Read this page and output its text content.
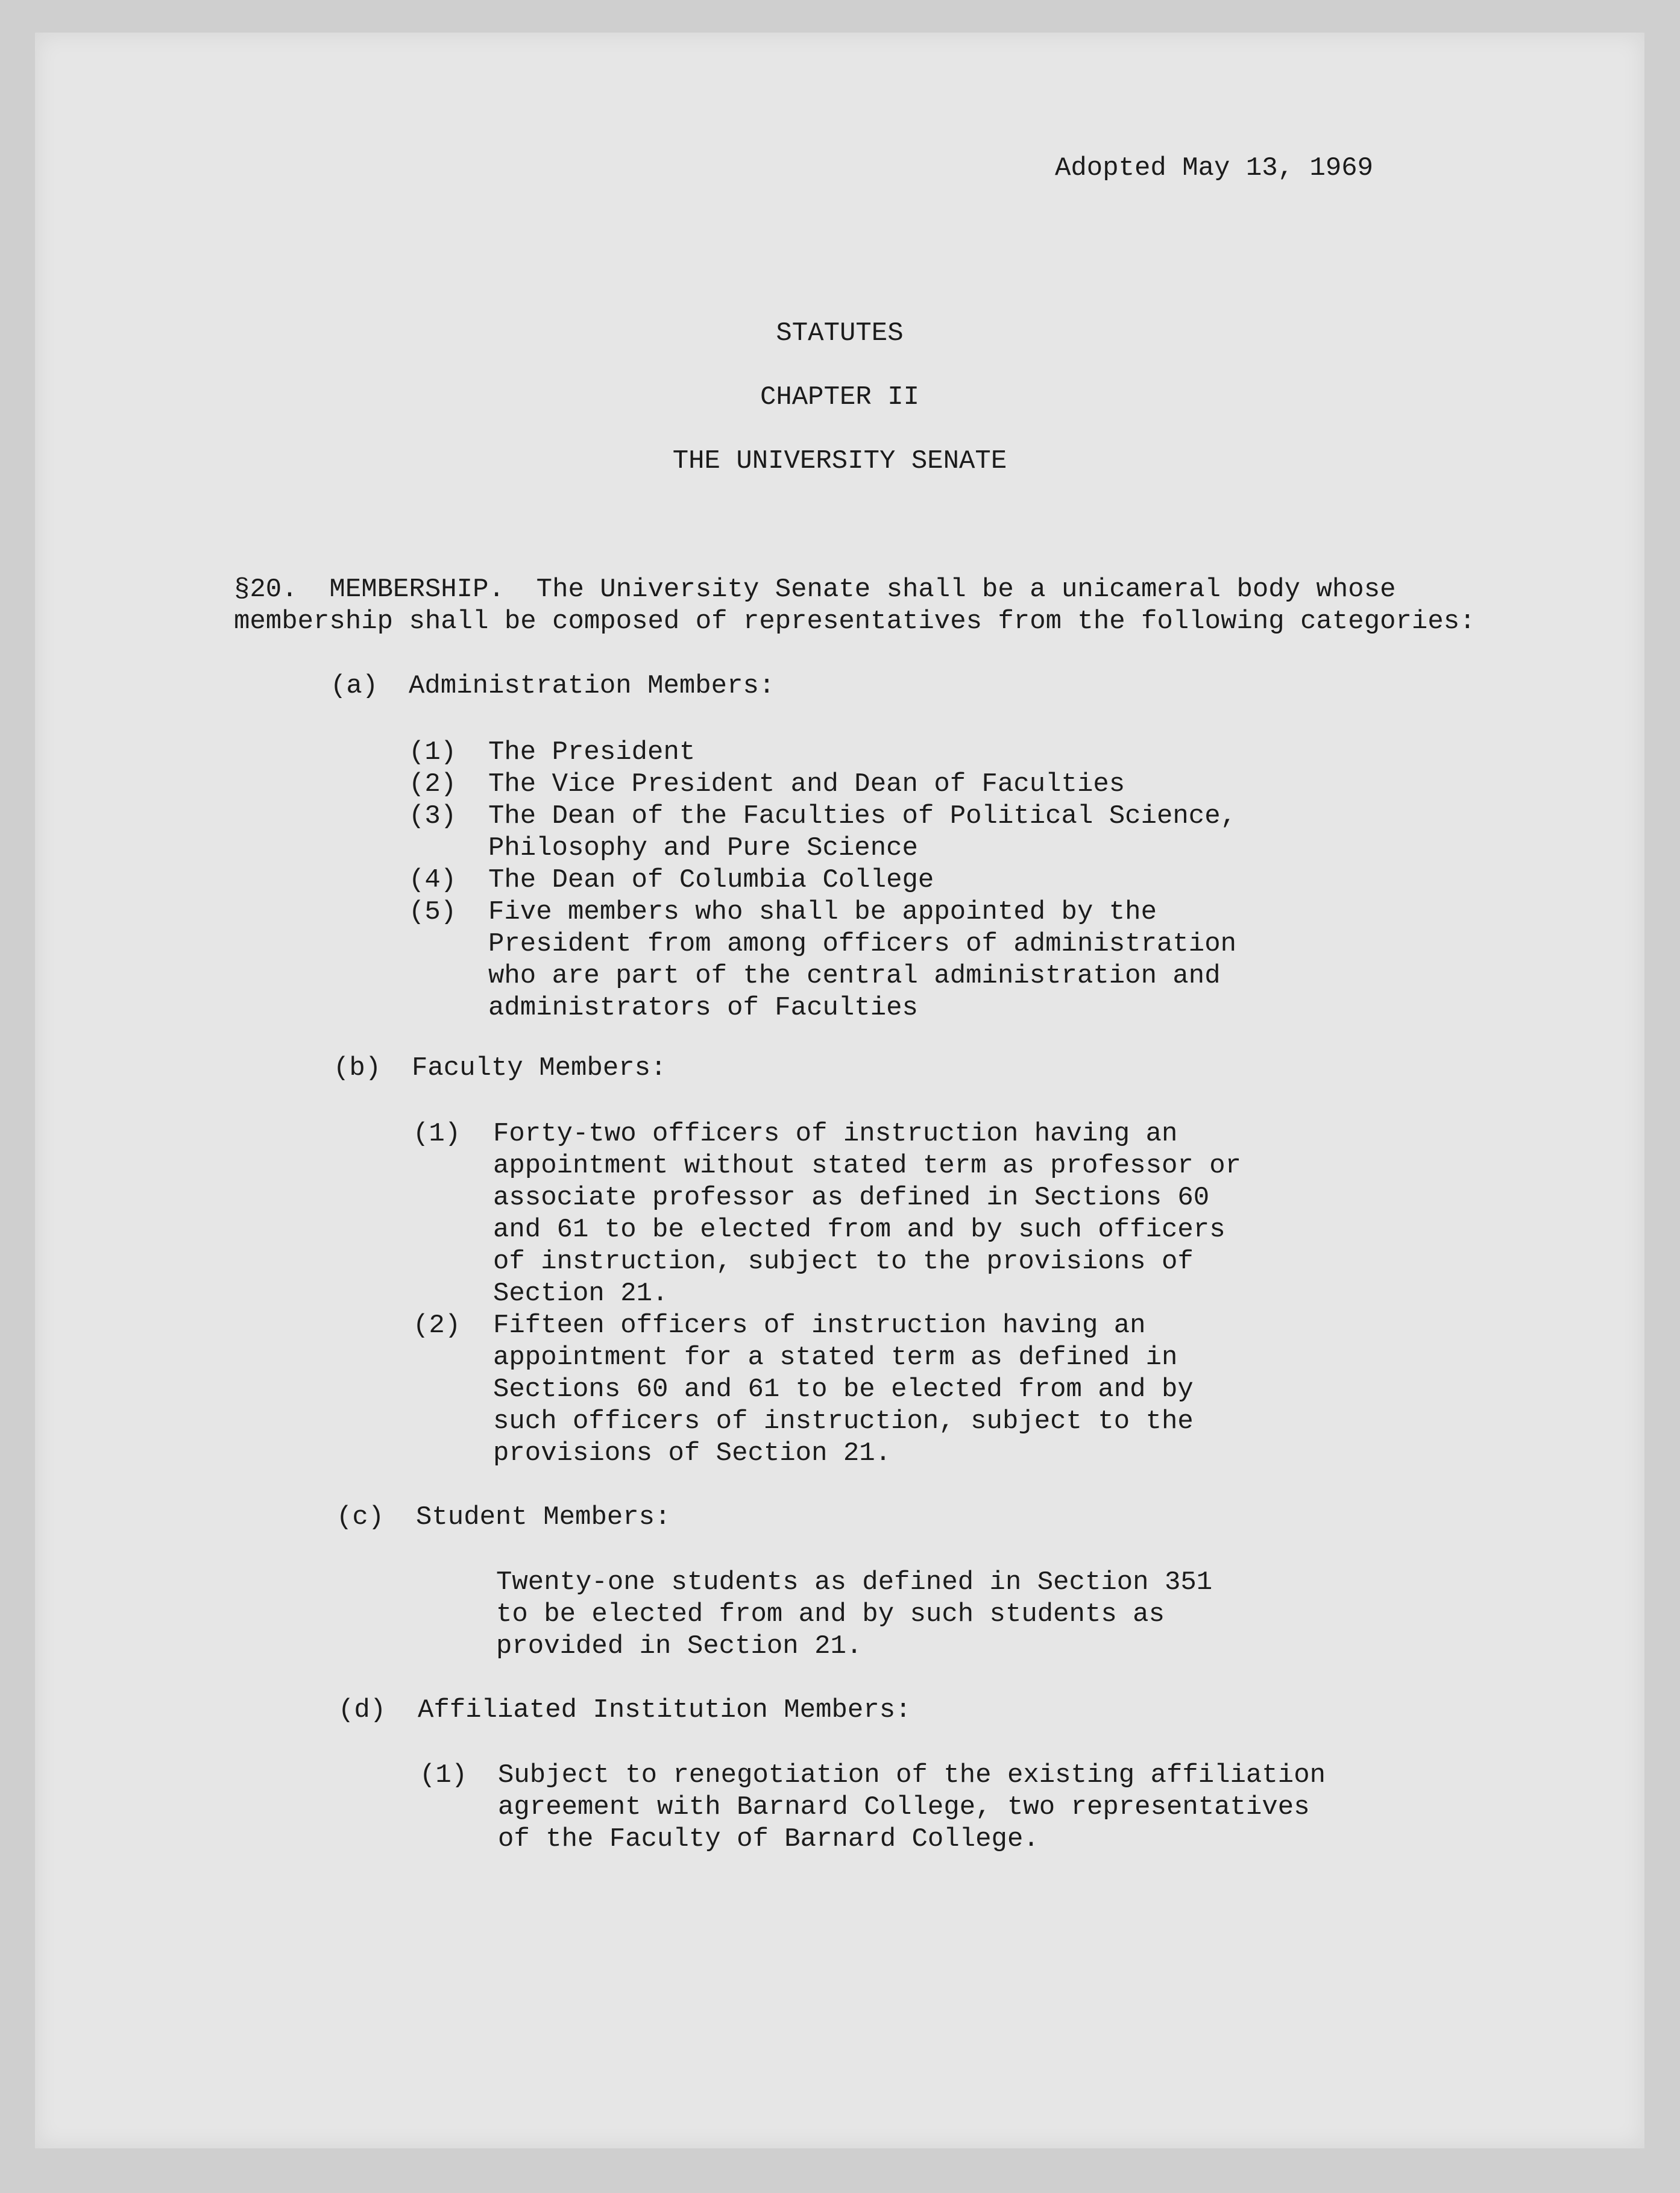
Adopted May 13, 1969
STATUTES
CHAPTER II
THE UNIVERSITY SENATE
§20.  MEMBERSHIP.  The University Senate shall be a unicameral body whose
membership shall be composed of representatives from the following categories:
(a) Administration Members:
(1) The President
(2) The Vice President and Dean of Faculties
(3) The Dean of the Faculties of Political Science,
Philosophy and Pure Science
(4) The Dean of Columbia College
(5) Five members who shall be appointed by the
President from among officers of administration
who are part of the central administration and
administrators of Faculties
(b) Faculty Members:
(1) Forty-two officers of instruction having an
appointment without stated term as professor or
associate professor as defined in Sections 60
and 61 to be elected from and by such officers
of instruction, subject to the provisions of
Section 21.
(2) Fifteen officers of instruction having an
appointment for a stated term as defined in
Sections 60 and 61 to be elected from and by
such officers of instruction, subject to the
provisions of Section 21.
(c) Student Members:
Twenty-one students as defined in Section 351
to be elected from and by such students as
provided in Section 21.
(d) Affiliated Institution Members:
(1) Subject to renegotiation of the existing affiliation
agreement with Barnard College, two representatives
of the Faculty of Barnard College.
